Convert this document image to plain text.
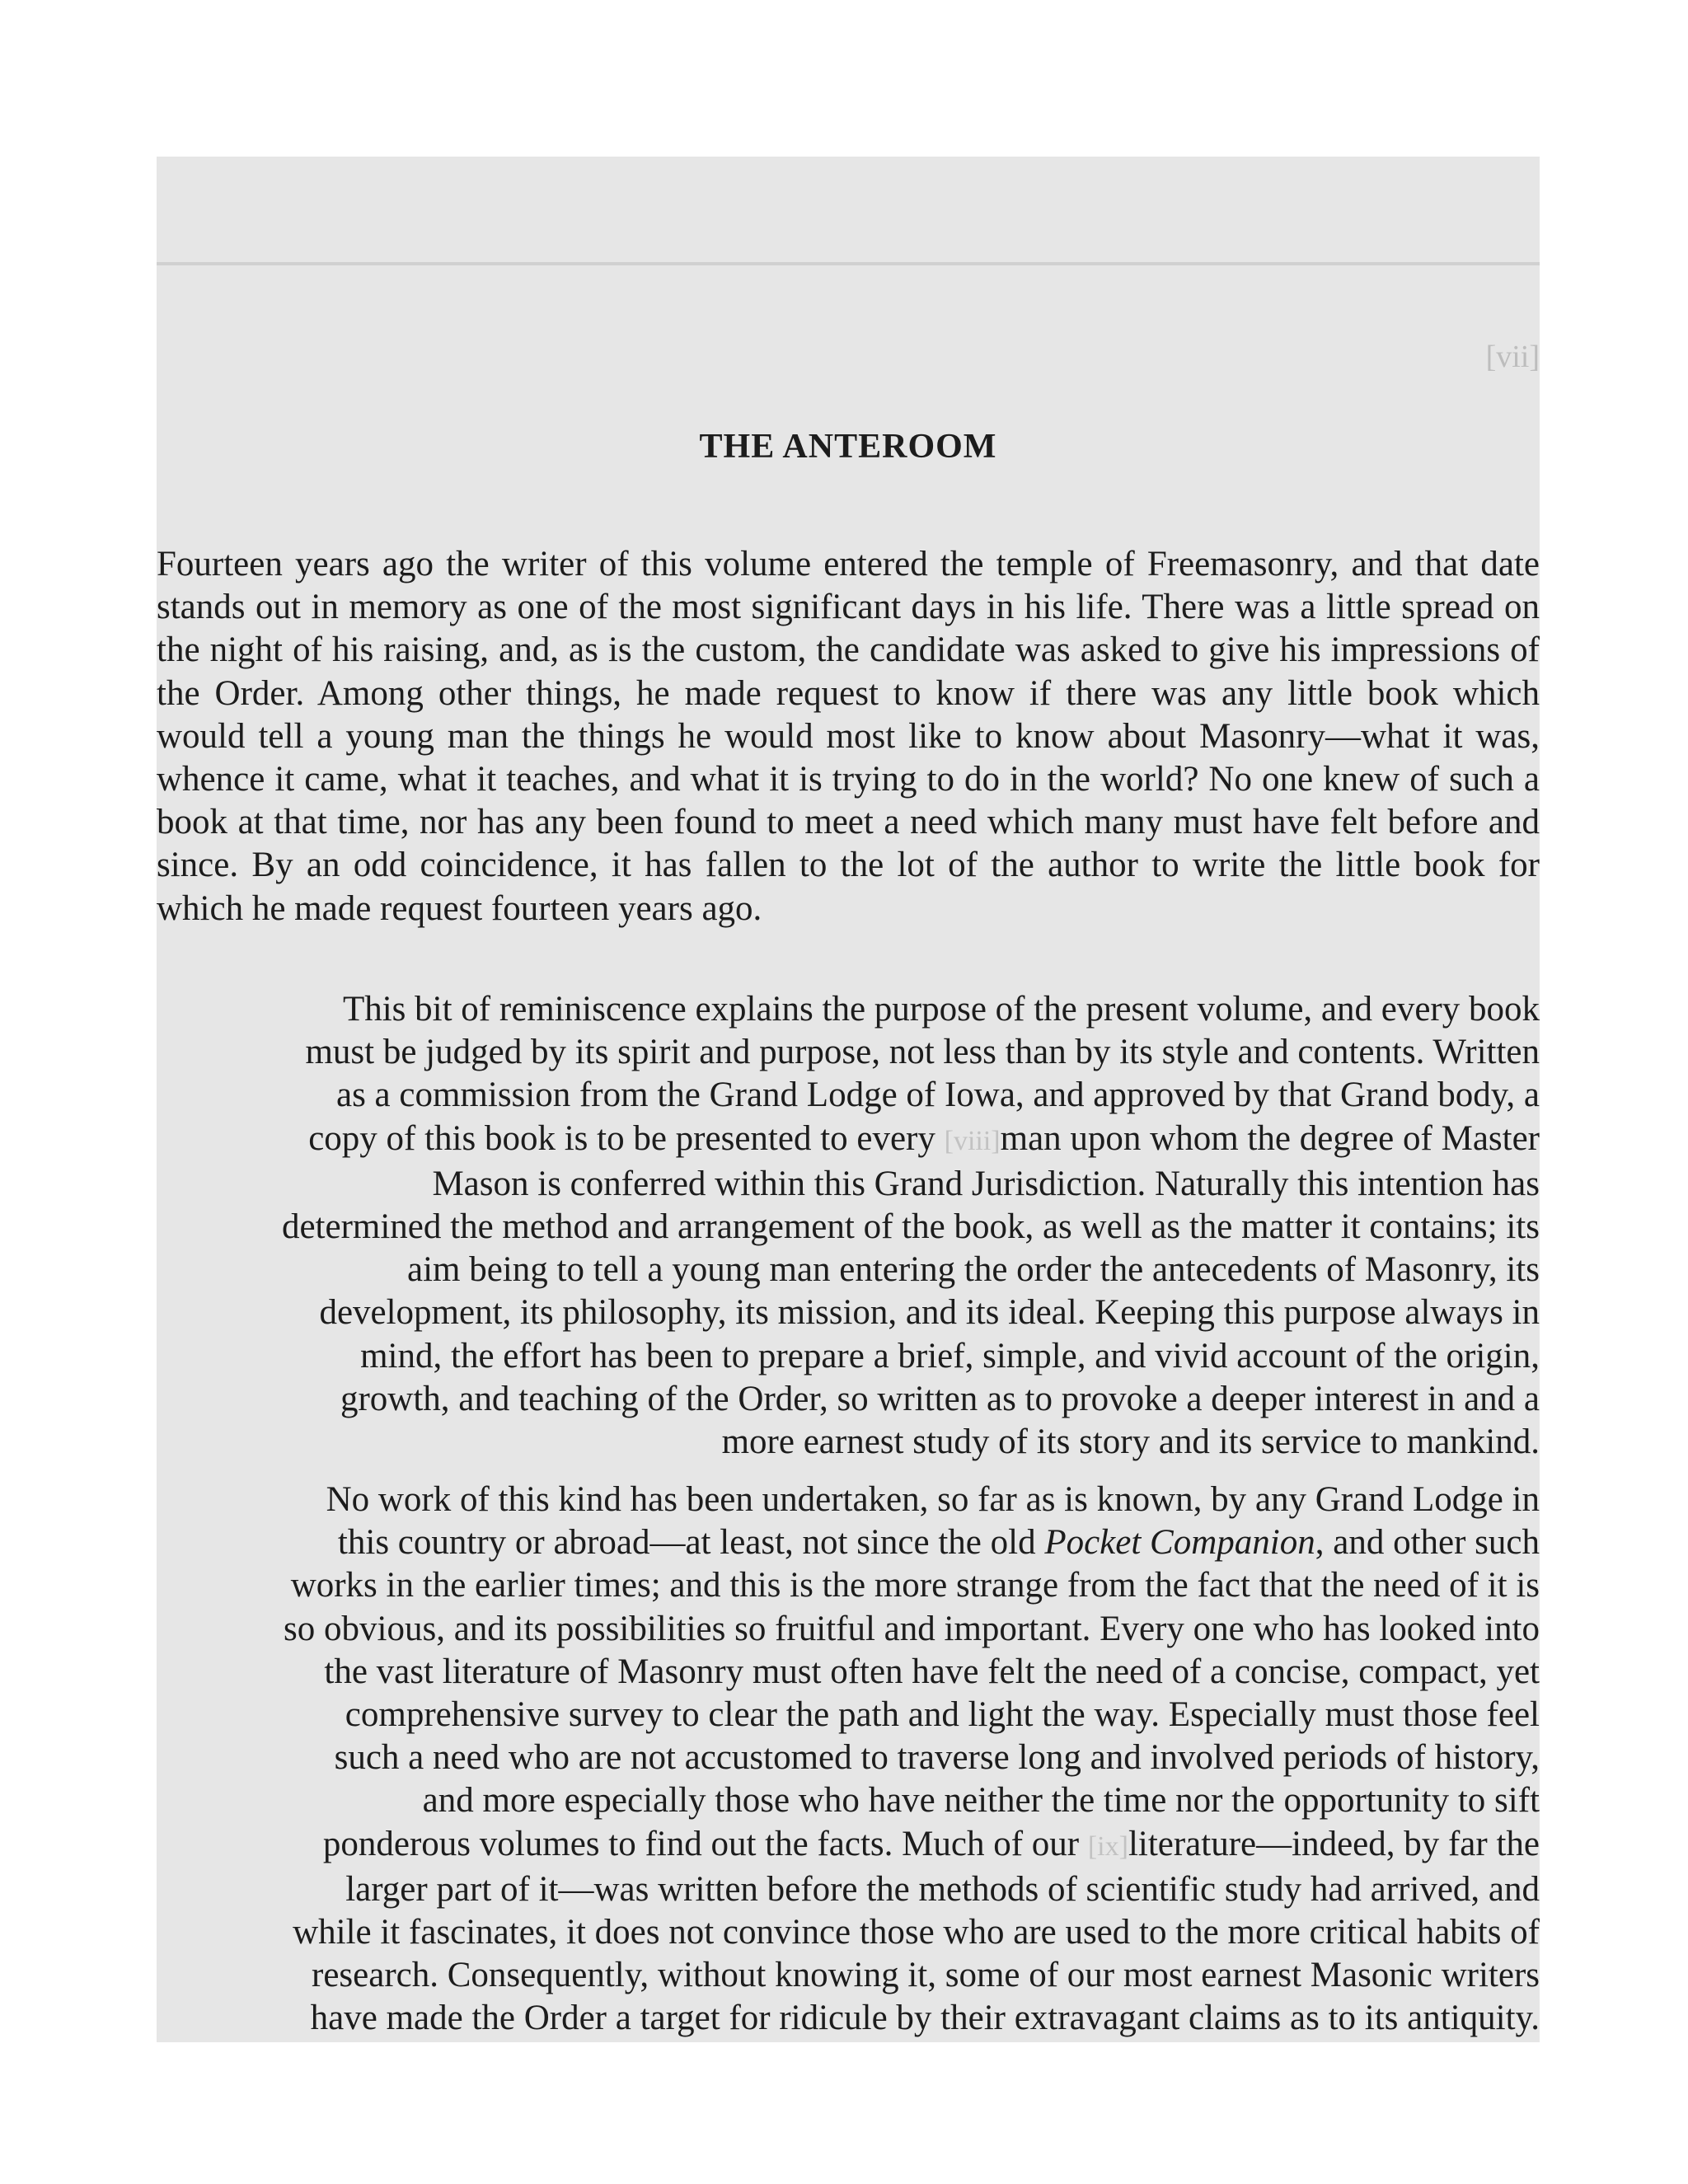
[vii]
THE ANTEROOM

Fourteen years ago the writer of this volume entered the temple of Freemasonry, and that date stands out in memory as one of the most significant days in his life. There was a little spread on the night of his raising, and, as is the custom, the candidate was asked to give his impressions of the Order. Among other things, he made request to know if there was any little book which would tell a young man the things he would most like to know about Masonry—what it was, whence it came, what it teaches, and what it is trying to do in the world? No one knew of such a book at that time, nor has any been found to meet a need which many must have felt before and since. By an odd coincidence, it has fallen to the lot of the author to write the little book for which he made request fourteen years ago.

This bit of reminiscence explains the purpose of the present volume, and every book
must be judged by its spirit and purpose, not less than by its style and contents. Written
as a commission from the Grand Lodge of Iowa, and approved by that Grand body, a
copy of this book is to be presented to every [viii]man upon whom the degree of Master
Mason is conferred within this Grand Jurisdiction. Naturally this intention has
determined the method and arrangement of the book, as well as the matter it contains; its
aim being to tell a young man entering the order the antecedents of Masonry, its
development, its philosophy, its mission, and its ideal. Keeping this purpose always in
mind, the effort has been to prepare a brief, simple, and vivid account of the origin,
growth, and teaching of the Order, so written as to provoke a deeper interest in and a
more earnest study of its story and its service to mankind.
No work of this kind has been undertaken, so far as is known, by any Grand Lodge in
this country or abroad—at least, not since the old Pocket Companion, and other such
works in the earlier times; and this is the more strange from the fact that the need of it is
so obvious, and its possibilities so fruitful and important. Every one who has looked into
the vast literature of Masonry must often have felt the need of a concise, compact, yet
comprehensive survey to clear the path and light the way. Especially must those feel
such a need who are not accustomed to traverse long and involved periods of history,
and more especially those who have neither the time nor the opportunity to sift
ponderous volumes to find out the facts. Much of our [ix]literature—indeed, by far the
larger part of it—was written before the methods of scientific study had arrived, and
while it fascinates, it does not convince those who are used to the more critical habits of
research. Consequently, without knowing it, some of our most earnest Masonic writers
have made the Order a target for ridicule by their extravagant claims as to its antiquity.
